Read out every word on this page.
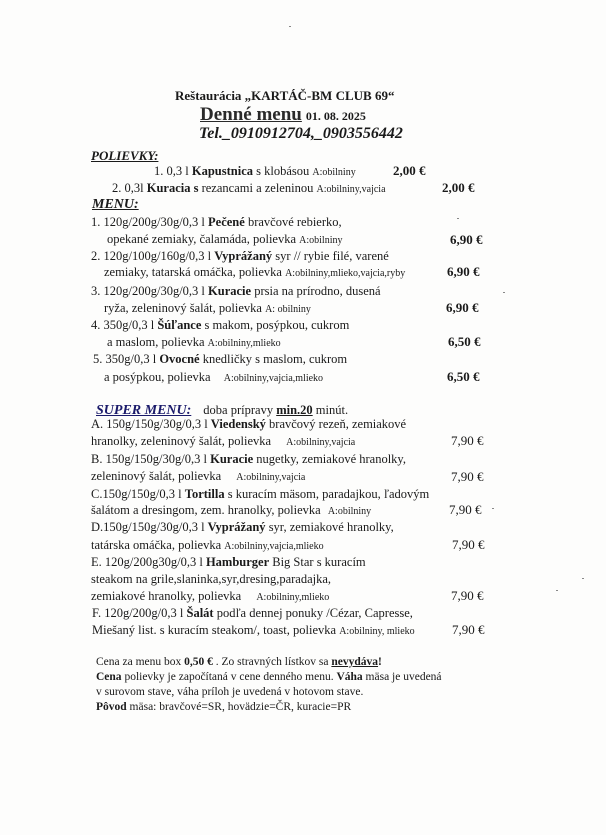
Reštaurácia „KARTÁČ-BM CLUB 69“
Denné menu 01. 08. 2025
Tel._0910912704,_0903556442
POLIEVKY:
1. 0,3 l Kapustnica s klobásou A:obilniny	2,00 €
2. 0,3l Kuracia s rezancami a zeleninou A:obilniny,vajcia	2,00 €
MENU:
1. 120g/200g/30g/0,3 l Pečené bravčové rebierko,
opekané zemiaky, čalamáda, polievka A:obilniny	6,90 €
2. 120g/100g/160g/0,3 l Vyprážaný syr // rybie filé, varené
zemiaky, tatarská omáčka, polievka A:obilniny,mlieko,vajcia,ryby	6,90 €
3. 120g/200g/30g/0,3 l Kuracie prsia na prírodno, dusená
ryža, zeleninový šalát, polievka A: obilniny	6,90 €
4. 350g/0,3 l Šúľance s makom, posýpkou, cukrom
a maslom, polievka A:obilniny,mlieko	6,50 €
5. 350g/0,3 l Ovocné knedličky s maslom, cukrom
a posýpkou, polievka A:obilniny,vajcia,mlieko	6,50 €
SUPER MENU: doba prípravy min.20 minút.
A. 150g/150g/30g/0,3 l Viedenský bravčový rezeň, zemiakové
hranolky, zeleninový šalát, polievka A:obilniny,vajcia	7,90 €
B. 150g/150g/30g/0,3 l Kuracie nugetky, zemiakové hranolky,
zeleninový šalát, polievka A:obilniny,vajcia	7,90 €
C.150g/150g/0,3 l Tortilla s kuracím mäsom, paradajkou, ľadovým
šalátom a dresingom, zem. hranolky, polievka A:obilniny	7,90 €
D.150g/150g/30g/0,3 l Vyprážaný syr, zemiakové hranolky,
tatárska omáčka, polievka A:obilniny,vajcia,mlieko	7,90 €
E. 120g/200g30g/0,3 l Hamburger Big Star s kuracím
steakom na grile,slaninka,syr,dresing,paradajka,
zemiakové hranolky, polievka A:obilniny,mlieko	7,90 €
F. 120g/200g/0,3 l Šalát podľa dennej ponuky /Cézar, Capresse,
Miešaný list. s kuracím steakom/, toast, polievka A:obilniny, mlieko	7,90 €
Cena za menu box 0,50 € . Zo stravných lístkov sa nevydáva!
Cena polievky je započítaná v cene denného menu. Váha mäsa je uvedená
v surovom stave, váha príloh je uvedená v hotovom stave.
Pôvod mäsa: bravčové=SR, hovädzie=ČR, kuracie=PR
